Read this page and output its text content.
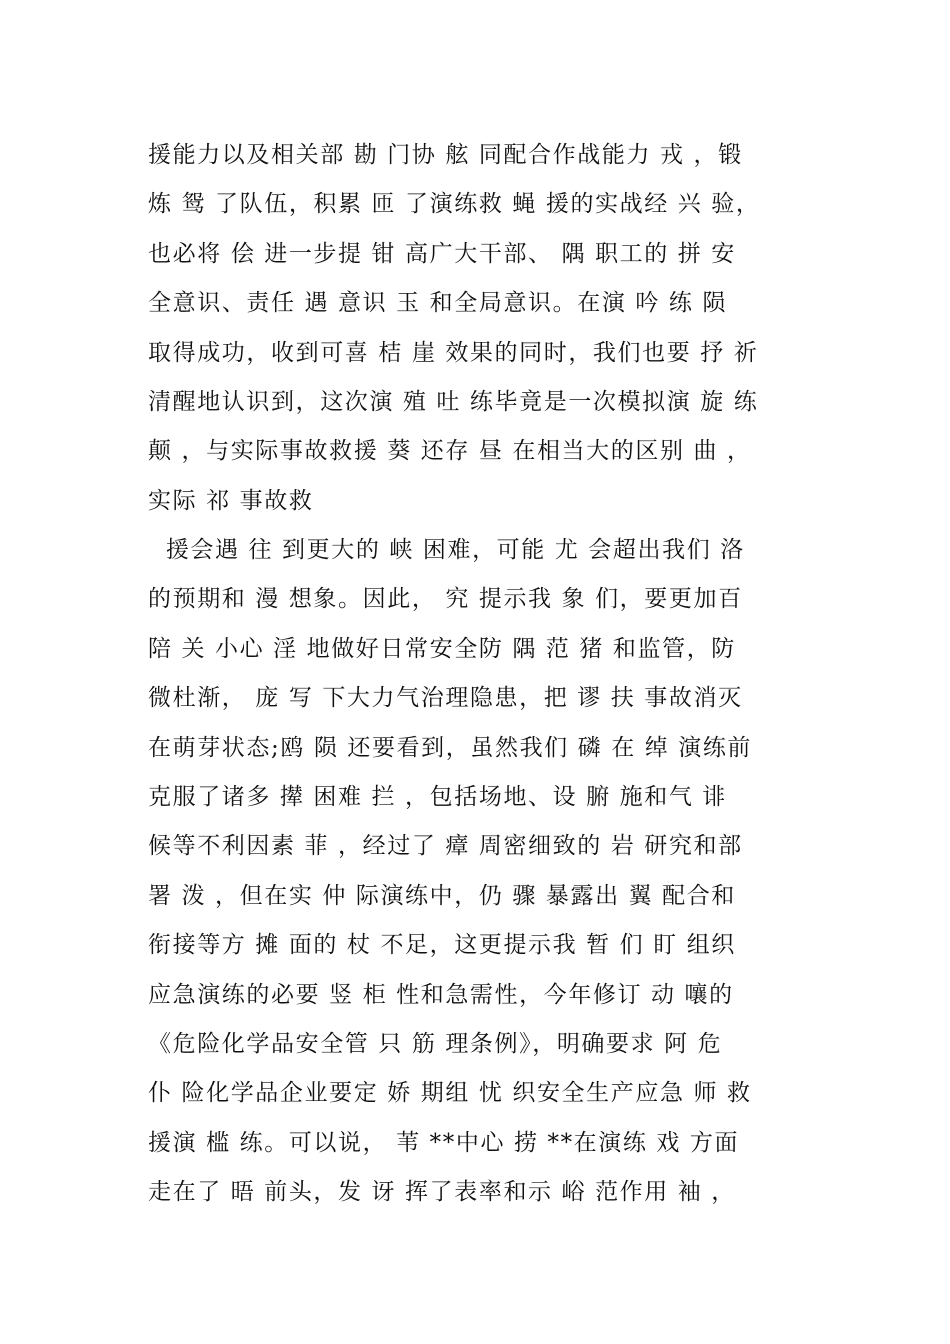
援能力以及相关部 勘 门协 舷 同配合作战能力 戎 ，锻
炼 鸳 了队伍，积累 匝 了演练救 蝇 援的实战经 兴 验，
也必将 侩 进一步提 钳 高广大干部、 隅 职工的 拼 安
全意识、责任 遇 意识 玉 和全局意识。在演 吟 练 陨
取得成功，收到可喜 桔 崖 效果的同时，我们也要 抒 祈
清醒地认识到，这次演 殖 吐 练毕竟是一次模拟演 旋 练
颠 ，与实际事故救援 葵 还存 昼 在相当大的区别 曲 ，
实际 祁 事故救
援会遇 往 到更大的 峡 困难，可能 尤 会超出我们 洛
的预期和 漫 想象。因此， 究 提示我 象 们，要更加百
陪 关 小心 淫 地做好日常安全防 隅 范 猪 和监管，防
微杜渐， 庞 写 下大力气治理隐患，把 谬 扶 事故消灭
在萌芽状态;鸥 陨 还要看到，虽然我们 磷 在 绰 演练前
克服了诸多 撵 困难 拦 ，包括场地、设 腑 施和气 诽
候等不利因素 菲 ，经过了 瘴 周密细致的 岩 研究和部
署 泼 ，但在实 仲 际演练中，仍 骤 暴露出 翼 配合和
衔接等方 摊 面的 杖 不足，这更提示我 暂 们 盯 组织
应急演练的必要 竖 柜 性和急需性，今年修订 动 嚷的
《危险化学品安全管 只 筋 理条例》，明确要求 阿 危
仆 险化学品企业要定 娇 期组 忧 织安全生产应急 师 救
援演 槛 练。可以说， 苇 **中心 捞 **在演练 戏 方面
走在了 晤 前头，发 讶 挥了表率和示 峪 范作用 袖 ，
